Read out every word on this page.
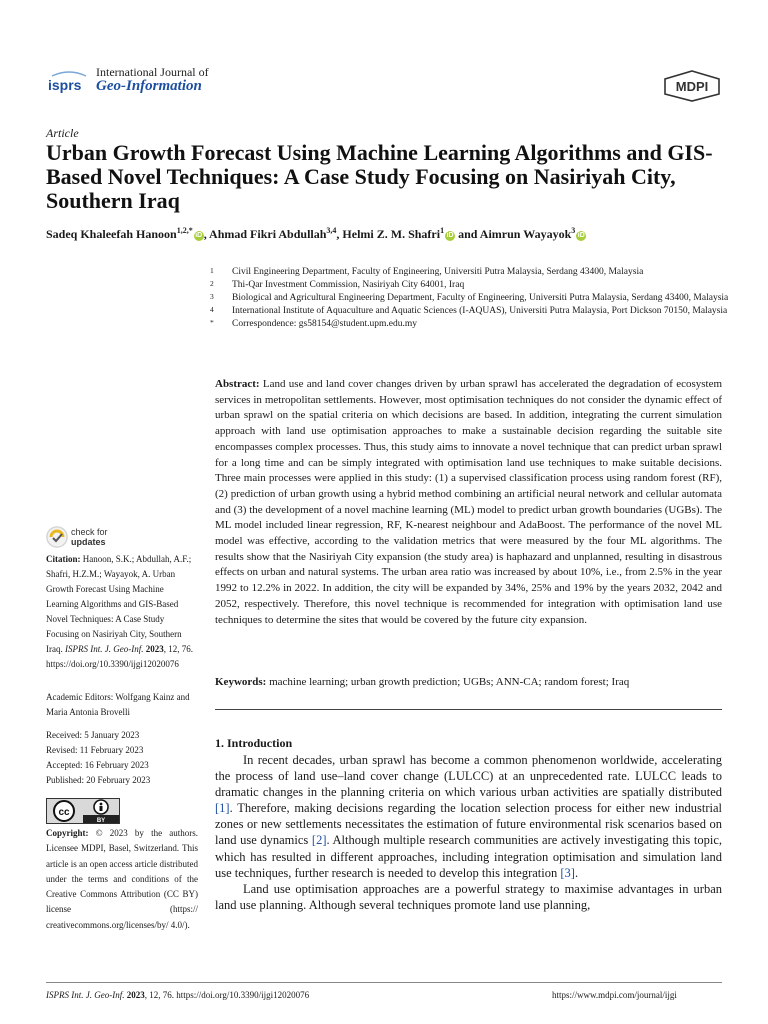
isprs
International Journal of
Geo-Information	MDPI
Article
Urban Growth Forecast Using Machine Learning Algorithms and GIS-Based Novel Techniques: A Case Study Focusing on Nasiriyah City, Southern Iraq
Sadeq Khaleefah Hanoon$^{1,2,*}$iD , Ahmad Fikri Abdullah$^{3,4}$, Helmi Z. M. Shafri$^1$iD and Aimrun Wayayok$^3$iD
1 Civil Engineering Department, Faculty of Engineering, Universiti Putra Malaysia, Serdang 43400, Malaysia
2 Thi-Qar Investment Commission, Nasiriyah City 64001, Iraq
3 Biological and Agricultural Engineering Department, Faculty of Engineering, Universiti Putra Malaysia, Serdang 43400, Malaysia
4 International Institute of Aquaculture and Aquatic Sciences (I-AQUAS), Universiti Putra Malaysia, Port Dickson 70150, Malaysia
* Correspondence: gs58154@student.upm.edu.my
Abstract: Land use and land cover changes driven by urban sprawl has accelerated the degradation of ecosystem services in metropolitan settlements. However, most optimisation techniques do not consider the dynamic effect of urban sprawl on the spatial criteria on which decisions are based. In addition, integrating the current simulation approach with land use optimisation approaches to make a sustainable decision regarding the suitable site encompasses complex processes. Thus, this study aims to innovate a novel technique that can predict urban sprawl for a long time and can be simply integrated with optimisation land use techniques to make suitable decisions. Three main processes were applied in this study: (1) a supervised classification process using random forest (RF), (2) prediction of urban growth using a hybrid method combining an artificial neural network and cellular automata and (3) the development of a novel machine learning (ML) model to predict urban growth boundaries (UGBs). The ML model included linear regression, RF, K-nearest neighbour and AdaBoost. The performance of the novel ML model was effective, according to the validation metrics that were measured by the four ML algorithms. The results show that the Nasiriyah City expansion (the study area) is haphazard and unplanned, resulting in disastrous effects on urban and natural systems. The urban area ratio was increased by about 10%, i.e., from 2.5% in the year 1992 to 12.2% in 2022. In addition, the city will be expanded by 34%, 25% and 19% by the years 2032, 2042 and 2052, respectively. Therefore, this novel technique is recommended for integration with optimisation land use techniques to determine the sites that would be covered by the future city expansion.
Keywords: machine learning; urban growth prediction; UGBs; ANN-CA; random forest; Iraq
1. Introduction

In recent decades, urban sprawl has become a common phenomenon worldwide, accelerating the process of land use–land cover change (LULCC) at an unprecedented rate. LULCC leads to dramatic changes in the planning criteria on which various urban activities are spatially distributed [1]. Therefore, making decisions regarding the location selection process for either new industrial zones or new settlements necessitates the estimation of future environmental risk scenarios based on land use dynamics [2]. Although multiple research communities are actively investigating this topic, which has resulted in different approaches, including integration optimisation and simulation land use techniques, further research is needed to develop this integration [3].

Land use optimisation approaches are a powerful strategy to maximise advantages in urban land use planning. Although several techniques promote land use planning,

check for
updates
Citation: Hanoon, S.K.; Abdullah, A.F.; Shafri, H.Z.M.; Wayayok, A. Urban Growth Forecast Using Machine Learning Algorithms and GIS-Based Novel Techniques: A Case Study Focusing on Nasiriyah City, Southern Iraq. ISPRS Int. J. Geo-Inf. 2023, 12, 76. https://doi.org/10.3390/ijgi12020076
Academic Editors: Wolfgang Kainz and Maria Antonia Brovelli
Received: 5 January 2023
Revised: 11 February 2023
Accepted: 16 February 2023
Published: 20 February 2023
cc
BY
Copyright: © 2023 by the authors. Licensee MDPI, Basel, Switzerland. This article is an open access article distributed under the terms and conditions of the Creative Commons Attribution (CC BY) license (https:// creativecommons.org/licenses/by/ 4.0/).
ISPRS Int. J. Geo-Inf. 2023, 12, 76. https://doi.org/10.3390/ijgi12020076	https://www.mdpi.com/journal/ijgi
